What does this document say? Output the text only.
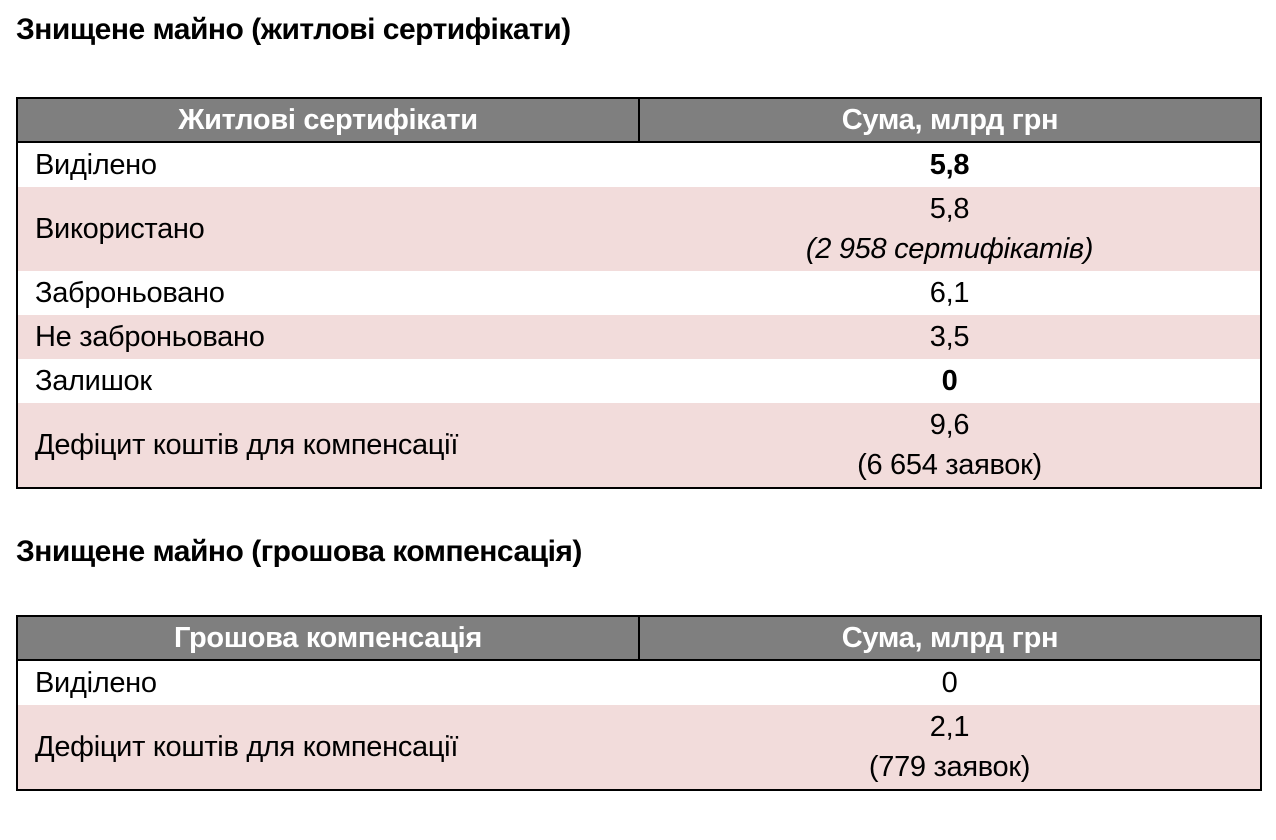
Знищене майно (житлові сертифікати)
Житлові сертифікати	Сума, млрд грн
Виділено	5,8

Використано	5,8
(2 958 сертифікатів)

Заброньовано	6,1

Не заброньовано	3,5

Залишок	0

Дефіцит коштів для компенсації	9,6
(6 654 заявок)
Знищене майно (грошова компенсація)
Грошова компенсація	Сума, млрд грн
Виділено	0

Дефіцит коштів для компенсації	2,1
(779 заявок)
